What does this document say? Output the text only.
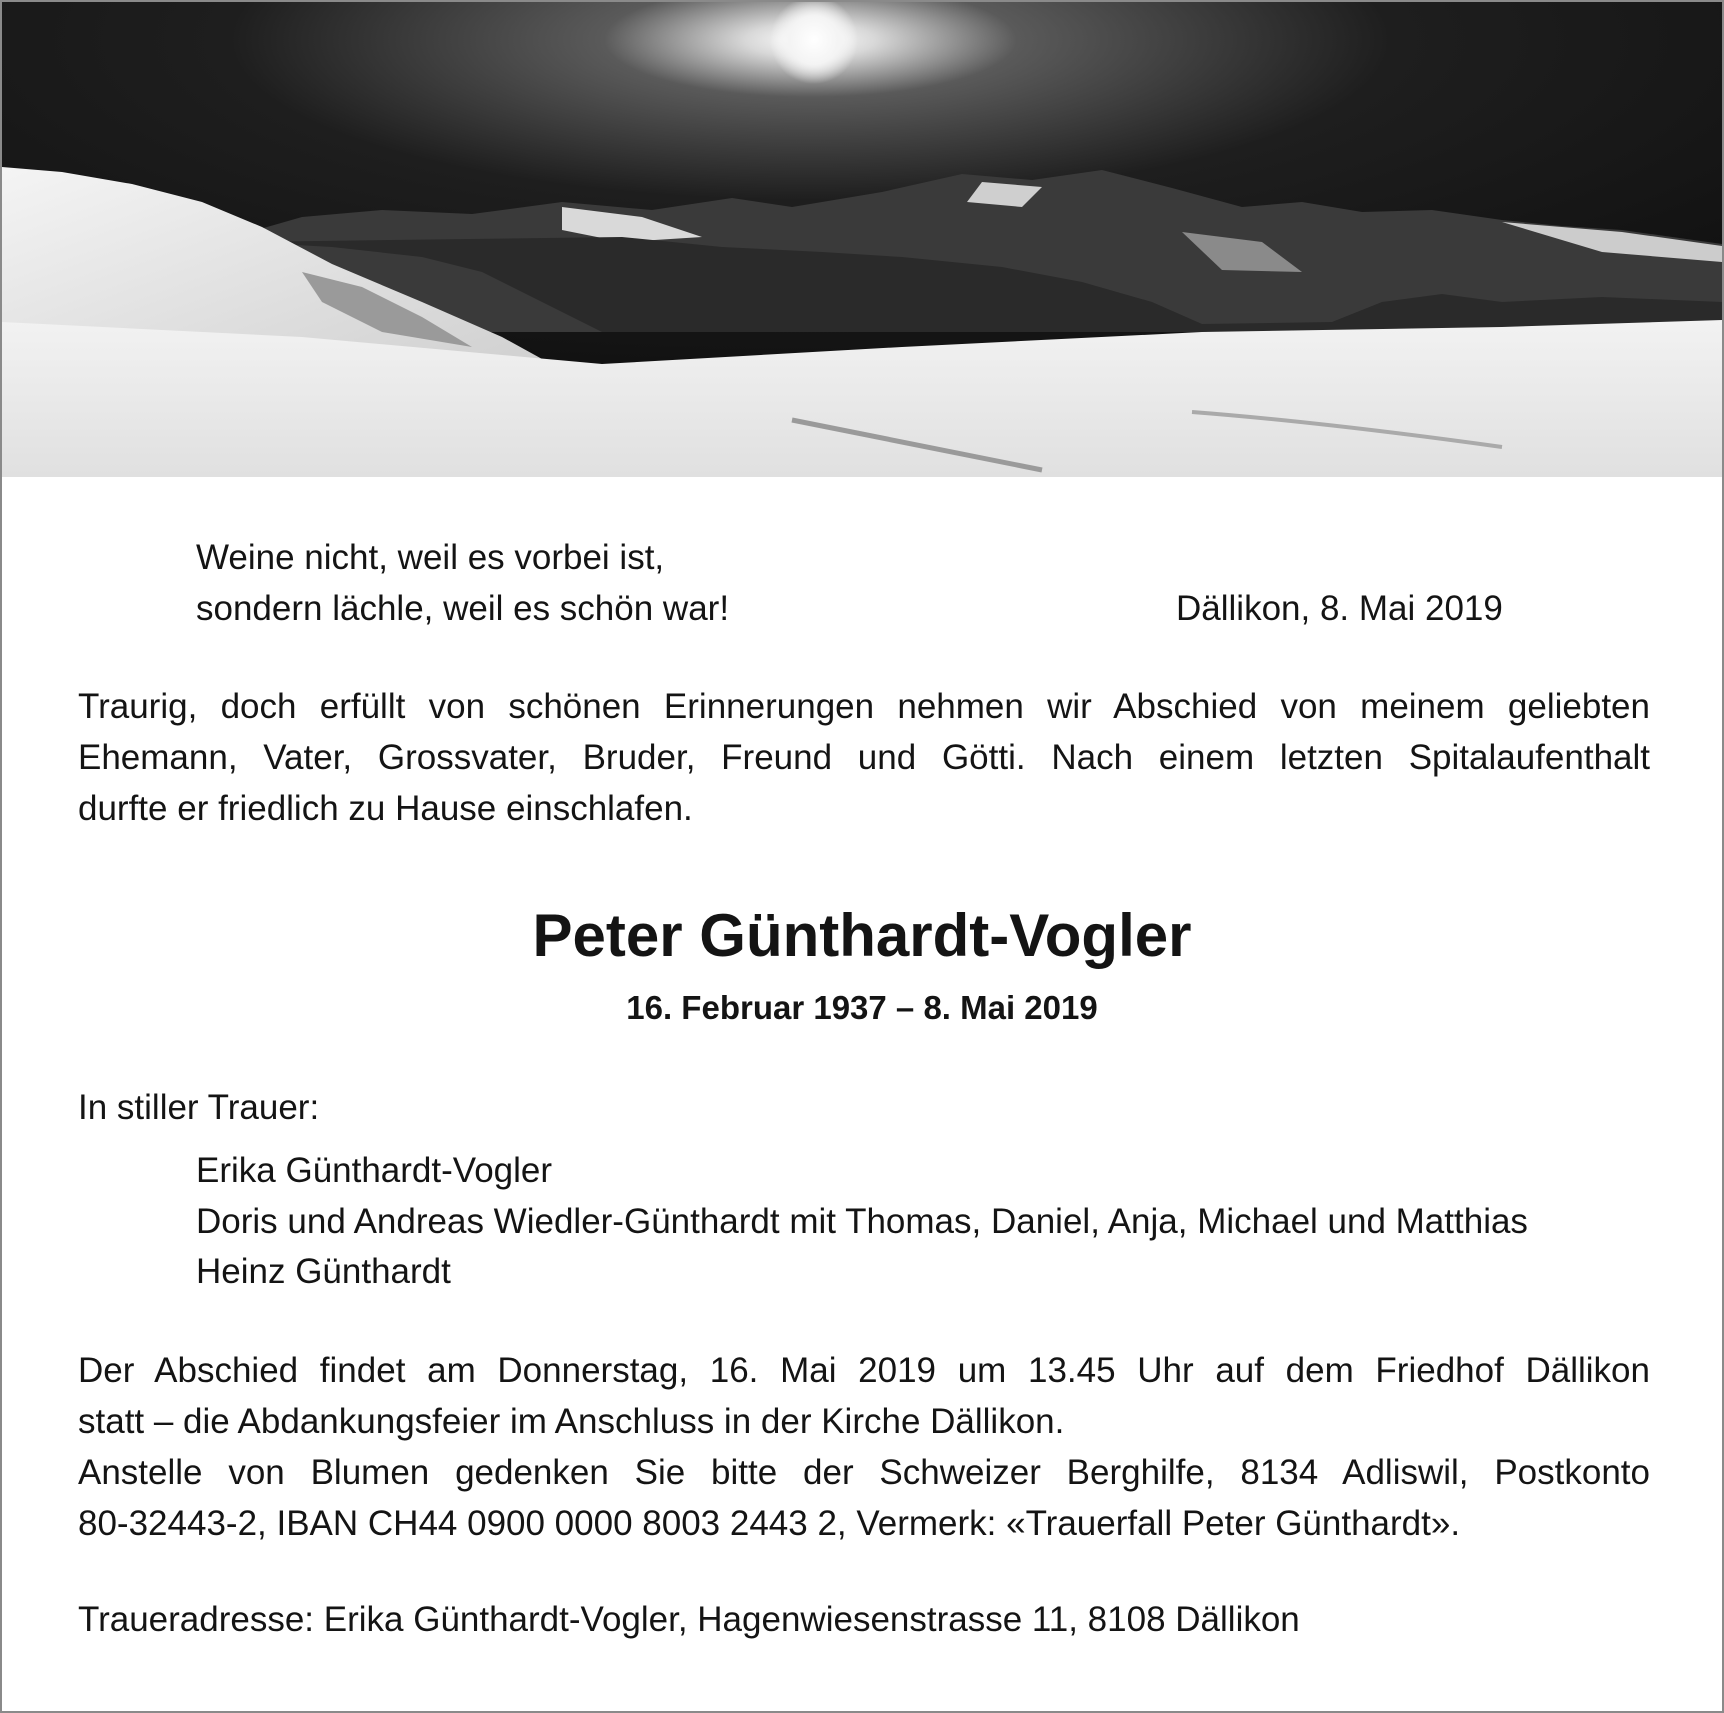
Weine nicht, weil es vorbei ist,

sondern lächle, weil es schön war!	Dällikon, 8. Mai 2019

Traurig, doch erfüllt von schönen Erinnerungen nehmen wir Abschied von meinem geliebten
Ehemann, Vater, Grossvater, Bruder, Freund und Götti. Nach einem letzten Spitalaufenthalt
durfte er friedlich zu Hause einschlafen.

Peter Günthardt-Vogler

16. Februar 1937 – 8. Mai 2019

In stiller Trauer:

Erika Günthardt-Vogler

Doris und Andreas Wiedler-Günthardt mit Thomas, Daniel, Anja, Michael und Matthias

Heinz Günthardt

Der Abschied findet am Donnerstag, 16. Mai 2019 um 13.45 Uhr auf dem Friedhof Dällikon
statt – die Abdankungsfeier im Anschluss in der Kirche Dällikon.
Anstelle von Blumen gedenken Sie bitte der Schweizer Berghilfe, 8134 Adliswil, Postkonto
80-32443-2, IBAN CH44 0900 0000 8003 2443 2, Vermerk: «Trauerfall Peter Günthardt».

Traueradresse: Erika Günthardt-Vogler, Hagenwiesenstrasse 11, 8108 Dällikon
